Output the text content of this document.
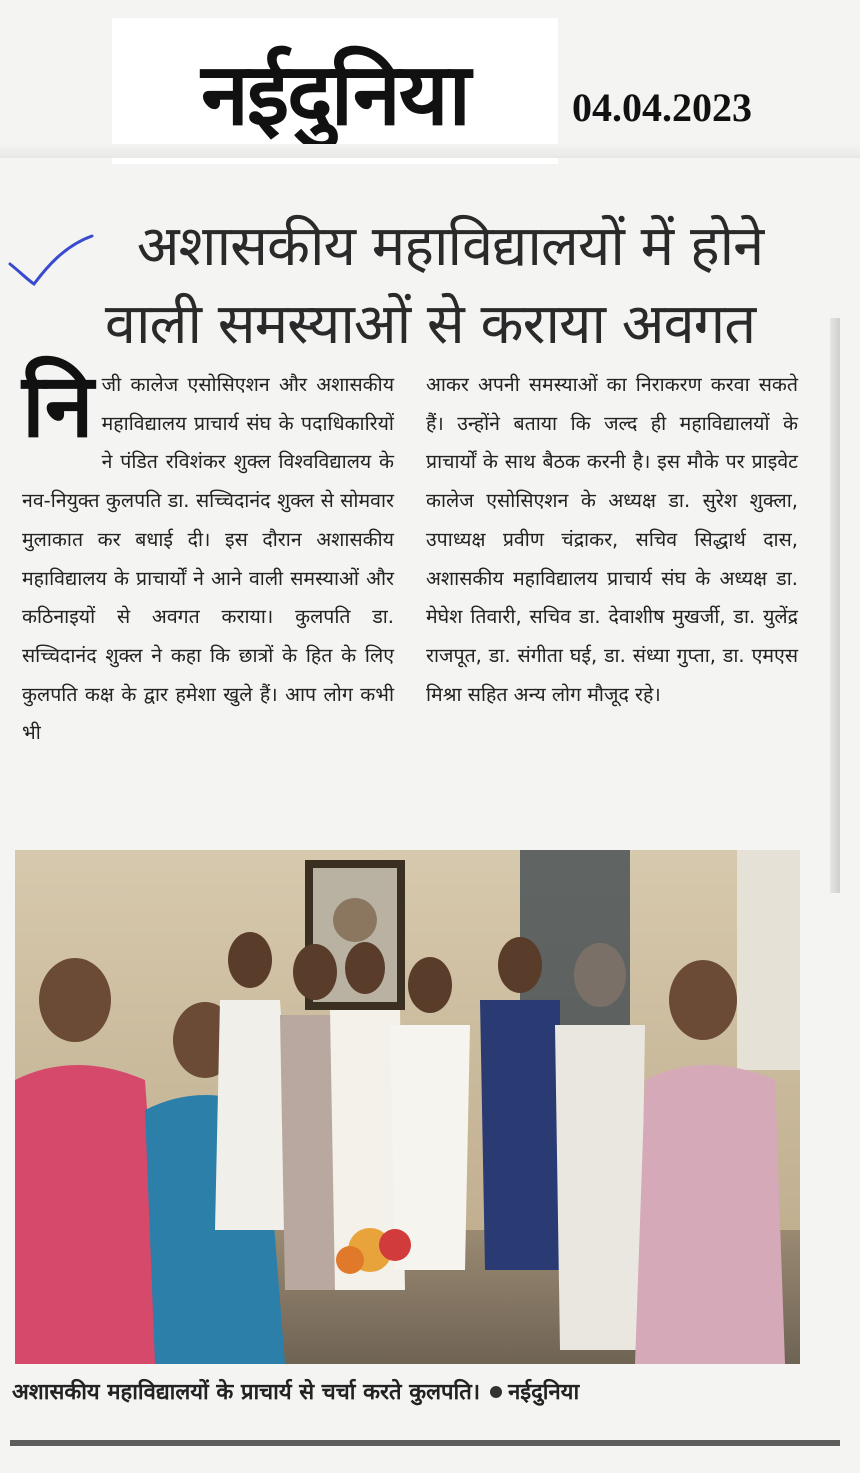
नईदुनिया	04.04.2023
अशासकीय महाविद्यालयों में होने
वाली समस्याओं से कराया अवगत
नि जी कालेज एसोसिएशन और अशासकीय महाविद्यालय प्राचार्य संघ के पदाधिकारियों ने पंडित रविशंकर शुक्ल विश्वविद्यालय के नव-नियुक्त कुलपति डा. सच्चिदानंद शुक्ल से सोमवार मुलाकात कर बधाई दी। इस दौरान अशासकीय महाविद्यालय के प्राचार्यों ने आने वाली समस्याओं और कठिनाइयों से अवगत कराया। कुलपति डा. सच्चिदानंद शुक्ल ने कहा कि छात्रों के हित के लिए कुलपति कक्ष के द्वार हमेशा खुले हैं। आप लोग कभी भी
आकर अपनी समस्याओं का निराकरण करवा सकते हैं। उन्होंने बताया कि जल्द ही महाविद्यालयों के प्राचार्यों के साथ बैठक करनी है। इस मौके पर प्राइवेट कालेज एसोसिएशन के अध्यक्ष डा. सुरेश शुक्ला, उपाध्यक्ष प्रवीण चंद्राकर, सचिव सिद्धार्थ दास, अशासकीय महाविद्यालय प्राचार्य संघ के अध्यक्ष डा. मेघेश तिवारी, सचिव डा. देवाशीष मुखर्जी, डा. युलेंद्र राजपूत, डा. संगीता घई, डा. संध्या गुप्ता, डा. एमएस मिश्रा सहित अन्य लोग मौजूद रहे।
अशासकीय महाविद्यालयों के प्राचार्य से चर्चा करते कुलपति। नईदुनिया
